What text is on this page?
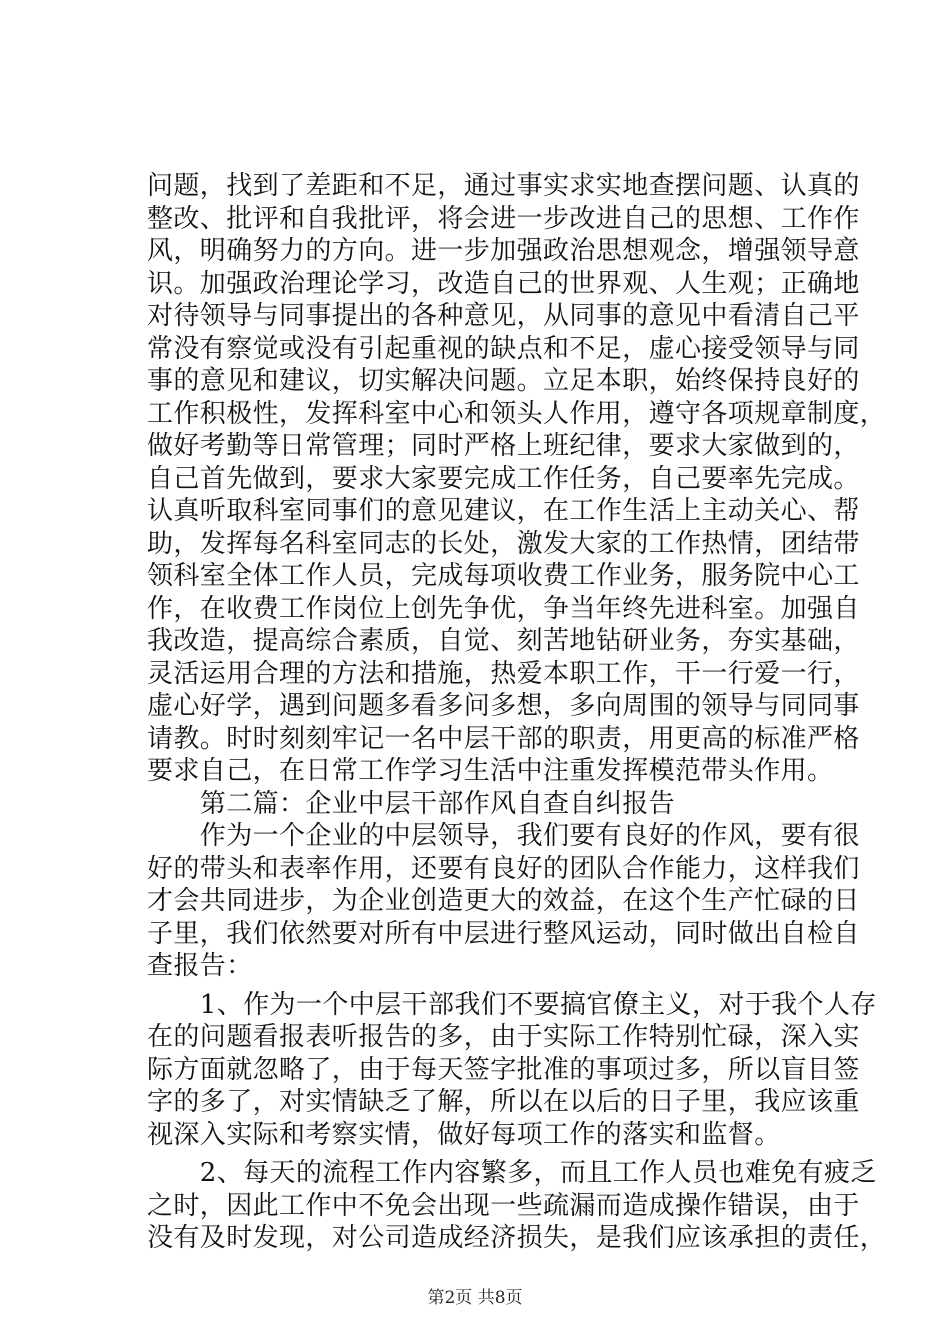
问题，找到了差距和不足，通过事实求实地查摆问题、认真的
整改、批评和自我批评，将会进一步改进自己的思想、工作作
风，明确努力的方向。进一步加强政治思想观念，增强领导意
识。加强政治理论学习，改造自己的世界观、人生观；正确地
对待领导与同事提出的各种意见，从同事的意见中看清自己平
常没有察觉或没有引起重视的缺点和不足，虚心接受领导与同
事的意见和建议，切实解决问题。立足本职，始终保持良好的
工作积极性，发挥科室中心和领头人作用，遵守各项规章制度，
做好考勤等日常管理；同时严格上班纪律，要求大家做到的，
自己首先做到，要求大家要完成工作任务，自己要率先完成。
认真听取科室同事们的意见建议，在工作生活上主动关心、帮
助，发挥每名科室同志的长处，激发大家的工作热情，团结带
领科室全体工作人员，完成每项收费工作业务，服务院中心工
作，在收费工作岗位上创先争优，争当年终先进科室。加强自
我改造，提高综合素质，自觉、刻苦地钻研业务，夯实基础，
灵活运用合理的方法和措施，热爱本职工作，干一行爱一行，
虚心好学，遇到问题多看多问多想，多向周围的领导与同同事
请教。时时刻刻牢记一名中层干部的职责，用更高的标准严格
要求自己，在日常工作学习生活中注重发挥模范带头作用。
　　第二篇：企业中层干部作风自查自纠报告
　　作为一个企业的中层领导，我们要有良好的作风，要有很
好的带头和表率作用，还要有良好的团队合作能力，这样我们
才会共同进步，为企业创造更大的效益，在这个生产忙碌的日
子里，我们依然要对所有中层进行整风运动，同时做出自检自
查报告：
　　1、作为一个中层干部我们不要搞官僚主义，对于我个人存
在的问题看报表听报告的多，由于实际工作特别忙碌，深入实
际方面就忽略了，由于每天签字批准的事项过多，所以盲目签
字的多了，对实情缺乏了解，所以在以后的日子里，我应该重
视深入实际和考察实情，做好每项工作的落实和监督。
　　2、每天的流程工作内容繁多，而且工作人员也难免有疲乏
之时，因此工作中不免会出现一些疏漏而造成操作错误，由于
没有及时发现，对公司造成经济损失，是我们应该承担的责任，
第2页 共8页
